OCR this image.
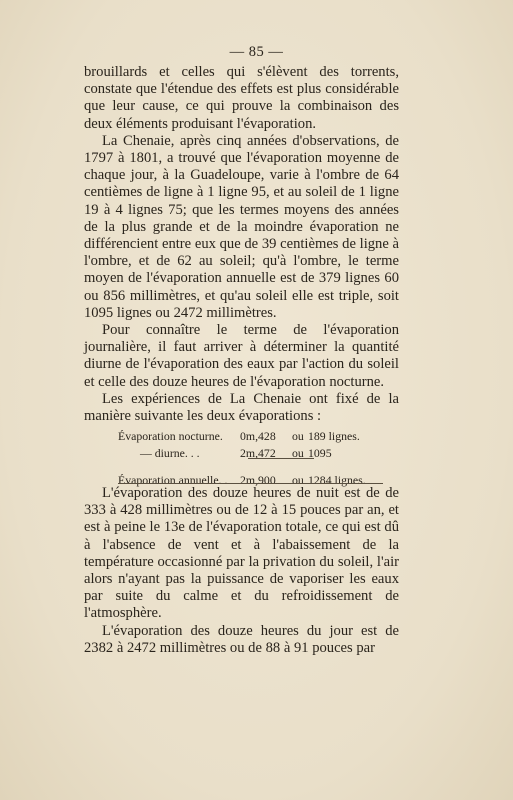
— 85 —

brouillards et celles qui s'élèvent des torrents, constate que l'étendue des effets est plus considérable que leur cause, ce qui prouve la combinaison des deux éléments produisant l'évaporation.

La Chenaie, après cinq années d'observations, de 1797 à 1801, a trouvé que l'évaporation moyenne de chaque jour, à la Guadeloupe, varie à l'ombre de 64 centièmes de ligne à 1 ligne 95, et au soleil de 1 ligne 19 à 4 lignes 75; que les termes moyens des années de la plus grande et de la moindre évaporation ne différencient entre eux que de 39 centièmes de ligne à l'ombre, et de 62 au soleil; qu'à l'ombre, le terme moyen de l'évaporation annuelle est de 379 lignes 60 ou 856 millimètres, et qu'au soleil elle est triple, soit 1095 lignes ou 2472 millimètres.

Pour connaître le terme de l'évaporation journalière, il faut arriver à déterminer la quantité diurne de l'évaporation des eaux par l'action du soleil et celle des douze heures de l'évaporation nocturne.

Les expériences de La Chenaie ont fixé de la manière suivante les deux évaporations :

Évaporation nocturne. 0m,428 ou 189 lignes.
— diurne. . .	2m,472 ou 1095
Évaporation annuelle. . 2m,900 ou 1284 lignes.

L'évaporation des douze heures de nuit est de de 333 à 428 millimètres ou de 12 à 15 pouces par an, et est à peine le 13e de l'évaporation totale, ce qui est dû à l'absence de vent et à l'abaissement de la température occasionné par la privation du soleil, l'air alors n'ayant pas la puissance de vaporiser les eaux par suite du calme et du refroidissement de l'atmosphère.

L'évaporation des douze heures du jour est de 2382 à 2472 millimètres ou de 88 à 91 pouces par
